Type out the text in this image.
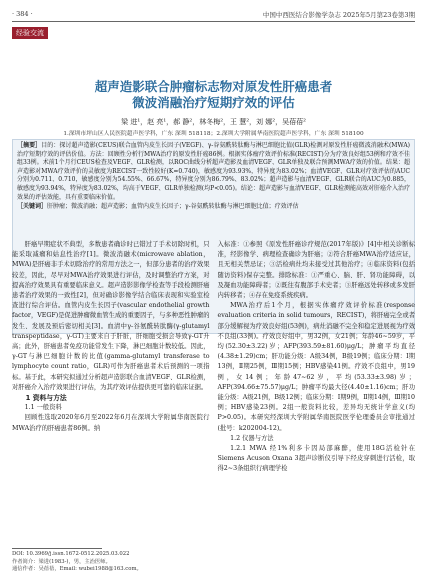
· 384 ·	中国中西医结合影像学杂志 2025年5月第23卷第3期
经验交流
超声造影联合肿瘤标志物对原发性肝癌患者
微波消融治疗短期疗效的评估
梁 进¹，赵 亮¹，郝 静²，林冬梅²，王 慧²，刘 娜²，吴蓓蓓²
1.深圳市坪山区人民医院超声医学科，广东 深圳 518118；2.深圳大学附属华南医院超声医学科，广东 深圳 518100

［摘要］目的：探讨超声造影(CEUS)联合血管内皮生长因子(VEGF)、γ-谷氨酰转肽酶与淋巴细胞比值(GLR)检测对原发性肝癌微波消融术(MWA)治疗短期疗效的评估价值。方法：回顾性分析行MWA治疗的原发性肝癌86例。根据实体瘤疗效评价标准(RECIST)分为疗效良好组53例和疗效不佳组33例。术前1个月行CEUS检查及VEGF、GLR检测，以ROC曲线分析超声造影及血清VEGF、GLR单独及联合预测MWA疗效的价值。结果：超声造影对MWA疗效评价的灵敏度为RECIST一致性较好(K=0.740)，敏感度为93.93%，特异度为83.02%；血清VEGF、GLR对疗效评估的AUC分别为0.711、0.710，敏感度分别为54.55%、66.67%，特异度分别为86.79%、83.02%；超声造影与血清VEGF、GLR联合的AUC为0.885，敏感度为93.94%，特异度为83.02%，均高于VEGF、GLR单独检测(均P<0.05)。结论：超声造影与血清VEGF、GLR检测能高效对肝癌介入治疗效果的评估效能，具有重要临床价值。

［关键词］肝肿瘤；微波消融；超声造影；血管内皮生长因子；γ-谷氨酰转肽酶与淋巴细胞比值；疗效评估

肝癌早期症状不典型，多数患者确诊时已错过了手术切除时机，只能采取减瘤和姑息性治疗[1]。微波消融术(microwave ablation，MWA)是肝癌非手术切除治疗的常用方法之一，但部分患者的治疗效果较差，因此，尽早对MWA治疗效果进行评估，及时调整治疗方案，对提高治疗效果具有重要临床意义。超声造影影像学检查等手段检测肝癌患者治疗效果的一致性[2]，但对确诊影像学结合临床表现和实验室检查进行综合评估。血管内皮生长因子(vascular endothelial growth factor，VEGF)是促进肿瘤微血管生成的重要因子，与多种恶性肿瘤的发生、发展及预后密切相关[3]。血清中γ-谷氨酰转肽酶(γ-glutamyl transpeptidase，γ-GT)主要来自于肝脏，肝细胞受损会导致γ-GT升高；此外，肝癌患者免疫功能常发生下降，淋巴细胞计数较低。因此，γ-GT与淋巴细胞计数的比值(gamma-glutamyl transferase to lymphocyte count ratio，GLR)可作为肝癌患者术后预测的一项指标。基于此，本研究拟通过分析超声造影联合血清VEGF、GLR检测，对肝癌介入治疗效果进行评估，为其疗效评估提供更可靠的临床证据。

1 资料与方法

1.1 一般资料

回顾性选取2020年6月至2022年6月在深圳大学附属华南医院行MWA治疗的肝癌患者86例。纳

入标准：①参照《原发性肝癌诊疗规范(2017年版)》[4]中相关诊断标准，经影像学、病理检查确诊为肝癌；②符合肝癌MWA治疗适应证，且无相关禁忌证；③活检病灶均未接受过其他治疗；④临床资料(包括随访资料)保存完整。排除标准：①严重心、脑、肝、肾功能障碍，以及凝血功能障碍者；②既往有腹部手术史者；③肝癌远处转移或多发肝内转移者；④存在免疫系统疾病。

MWA治疗后1个月，根据实体瘤疗效评价标准(response evaluation criteria in solid tumours，RECIST)，将肝癌完全或者部分缓解视为疗效良好组(53例)，病灶消融不完全和稳定进展视为疗效不良组(33例)。疗效良好组中，男32例，女21例；年龄46~59岁，平均(52.30±3.22)岁；AFP(393.59±81.60)μg/L；肿瘤平均直径(4.38±1.29)cm；肝功能分级：A级34例，B级19例；临床分期：Ⅰ期13例，Ⅱ期25例，Ⅲ期15例；HBV感染41例。疗效不良组中，男19例，女14例；年龄47~62岁，平均(53.33±3.98)岁；AFP(394.66±75.57)μg/L；肿瘤平均最大径(4.40±1.16)cm；肝功能分级：A级21例，B级12例；临床分期：Ⅰ期9例，Ⅱ期14例，Ⅲ期10例；HBV感染23例。2组一般资料比较，差异均无统计学意义(均P>0.05)。本研究经深圳大学附属华南医院医学伦理委员会审批通过(批号：k202004-12)。

1.2 仪器与方法

1.2.1 MWA 经1%利多卡因局部麻醉，使用18G活检针在Siemens Acuson Oxana 3超声诊断仪引导下经皮穿刺进行活检，取得2~3条组织行病理学检

DOI: 10.3969/j.issn.1672-0512.2025.03.022
作者简介：梁进(1983-)，男，主治医师。
通信作者：吴蓓蓓，Email: wubei1988@163.com。
